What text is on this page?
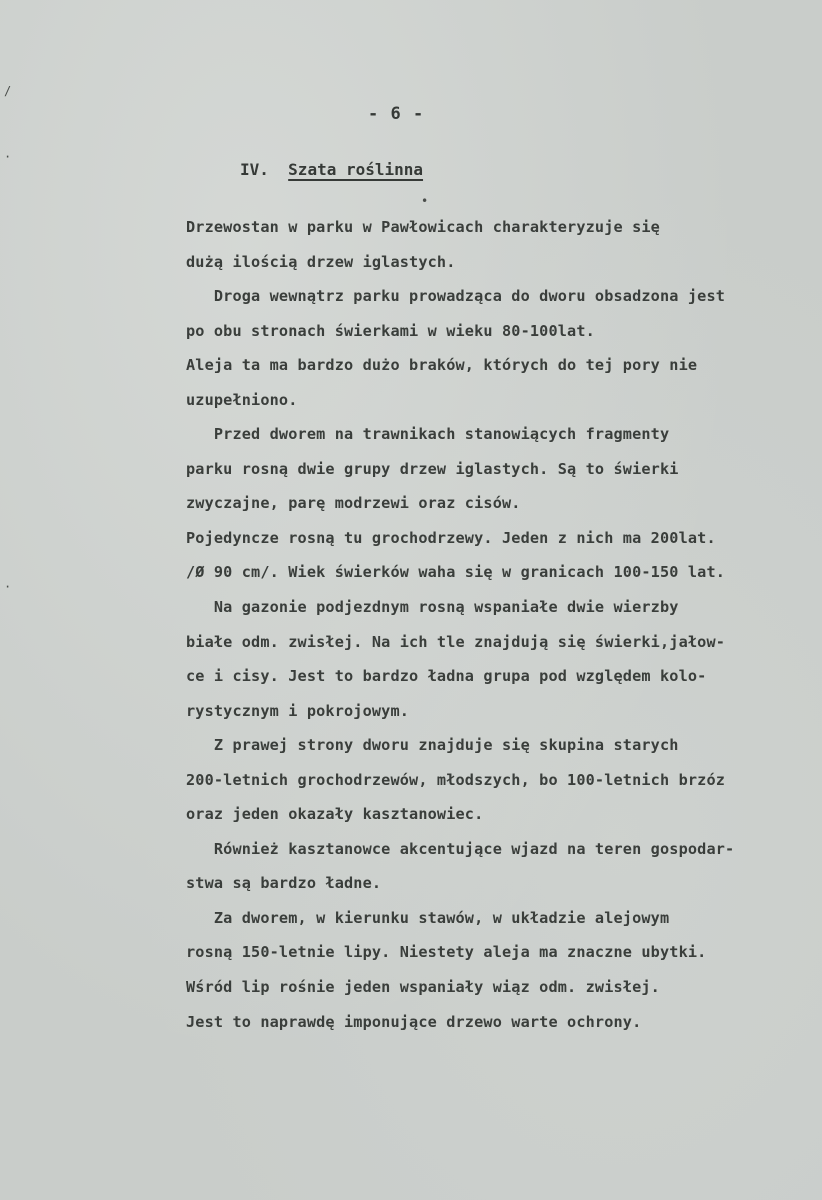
/
·
·
•
- 6 -
IV. Szata roślinna
Drzewostan w parku w Pawłowicach charakteryzuje się
dużą ilością drzew iglastych.
Droga wewnątrz parku prowadząca do dworu obsadzona jest
po obu stronach świerkami w wieku 80-100lat.
Aleja ta ma bardzo dużo braków, których do tej pory nie
uzupełniono.
Przed dworem na trawnikach stanowiących fragmenty
parku rosną dwie grupy drzew iglastych. Są to świerki
zwyczajne, parę modrzewi oraz cisów.
Pojedyncze rosną tu grochodrzewy. Jeden z nich ma 200lat.
/Ø 90 cm/. Wiek świerków waha się w granicach 100-150 lat.
Na gazonie podjezdnym rosną wspaniałe dwie wierzby
białe odm. zwisłej. Na ich tle znajdują się świerki,jałow-
ce i cisy. Jest to bardzo ładna grupa pod względem kolo-
rystycznym i pokrojowym.
Z prawej strony dworu znajduje się skupina starych
200-letnich grochodrzewów, młodszych, bo 100-letnich brzóz
oraz jeden okazały kasztanowiec.
Również kasztanowce akcentujące wjazd na teren gospodar-
stwa są bardzo ładne.
Za dworem, w kierunku stawów, w układzie alejowym
rosną 150-letnie lipy. Niestety aleja ma znaczne ubytki.
Wśród lip rośnie jeden wspaniały wiąz odm. zwisłej.
Jest to naprawdę imponujące drzewo warte ochrony.
